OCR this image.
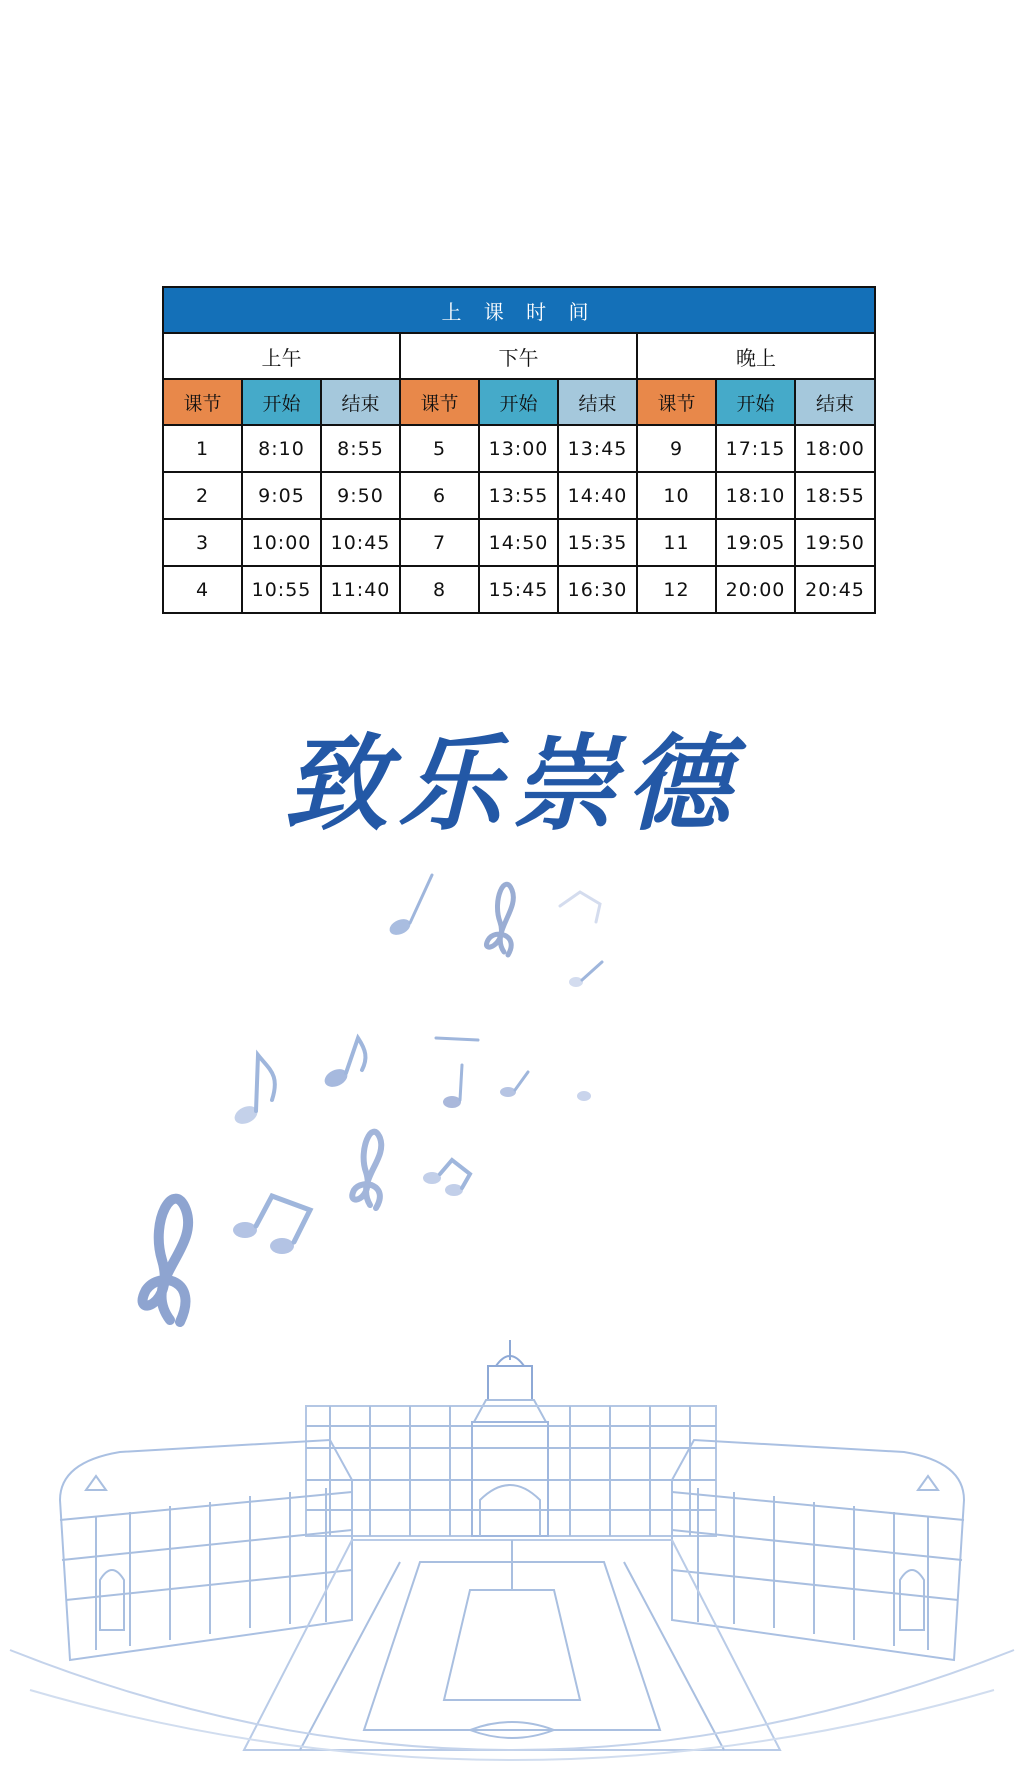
上 课 时 间								
上午			下午			晚上		
课节	开始	结束	课节	开始	结束	课节	开始	结束
1	8:10	8:55	5	13:00	13:45	9	17:15	18:00
2	9:05	9:50	6	13:55	14:40	10	18:10	18:55
3	10:00	10:45	7	14:50	15:35	11	19:05	19:50
4	10:55	11:40	8	15:45	16:30	12	20:00	20:45
致乐崇德
